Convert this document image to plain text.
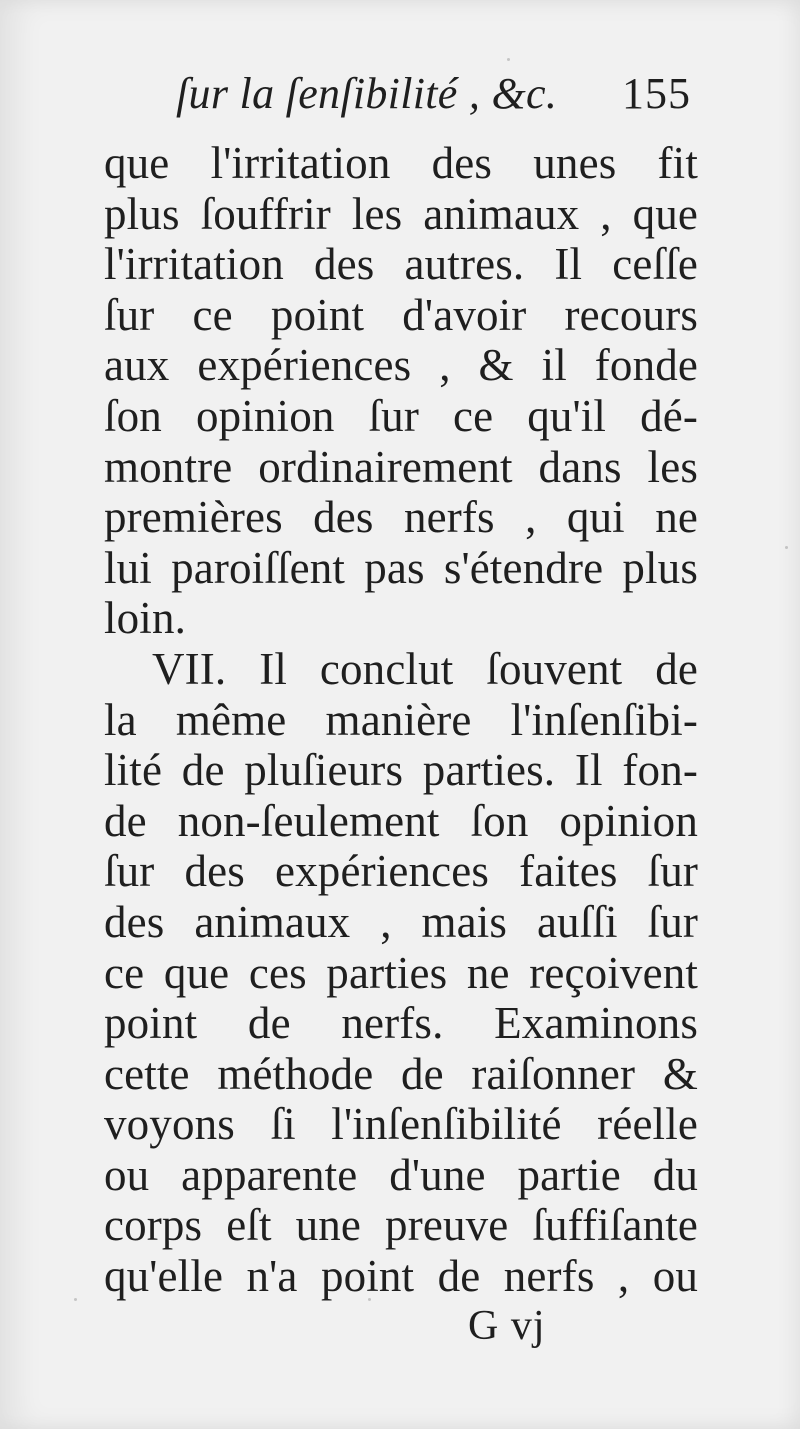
ſur la ſenſibilité , &c. 155
que l'irritation des unes fit
plus ſouffrir les animaux , que
l'irritation des autres. Il ceſſe
ſur ce point d'avoir recours
aux expériences , & il fonde
ſon opinion ſur ce qu'il dé-
montre ordinairement dans les
premières des nerfs , qui ne
lui paroiſſent pas s'étendre plus
loin.
VII. Il conclut ſouvent de
la même manière l'inſenſibi-
lité de pluſieurs parties. Il fon-
de non-ſeulement ſon opinion
ſur des expériences faites ſur
des animaux , mais auſſi ſur
ce que ces parties ne reçoivent
point de nerfs. Examinons
cette méthode de raiſonner &
voyons ſi l'inſenſibilité réelle
ou apparente d'une partie du
corps eſt une preuve ſuffiſante
qu'elle n'a point de nerfs , ou
G vj
